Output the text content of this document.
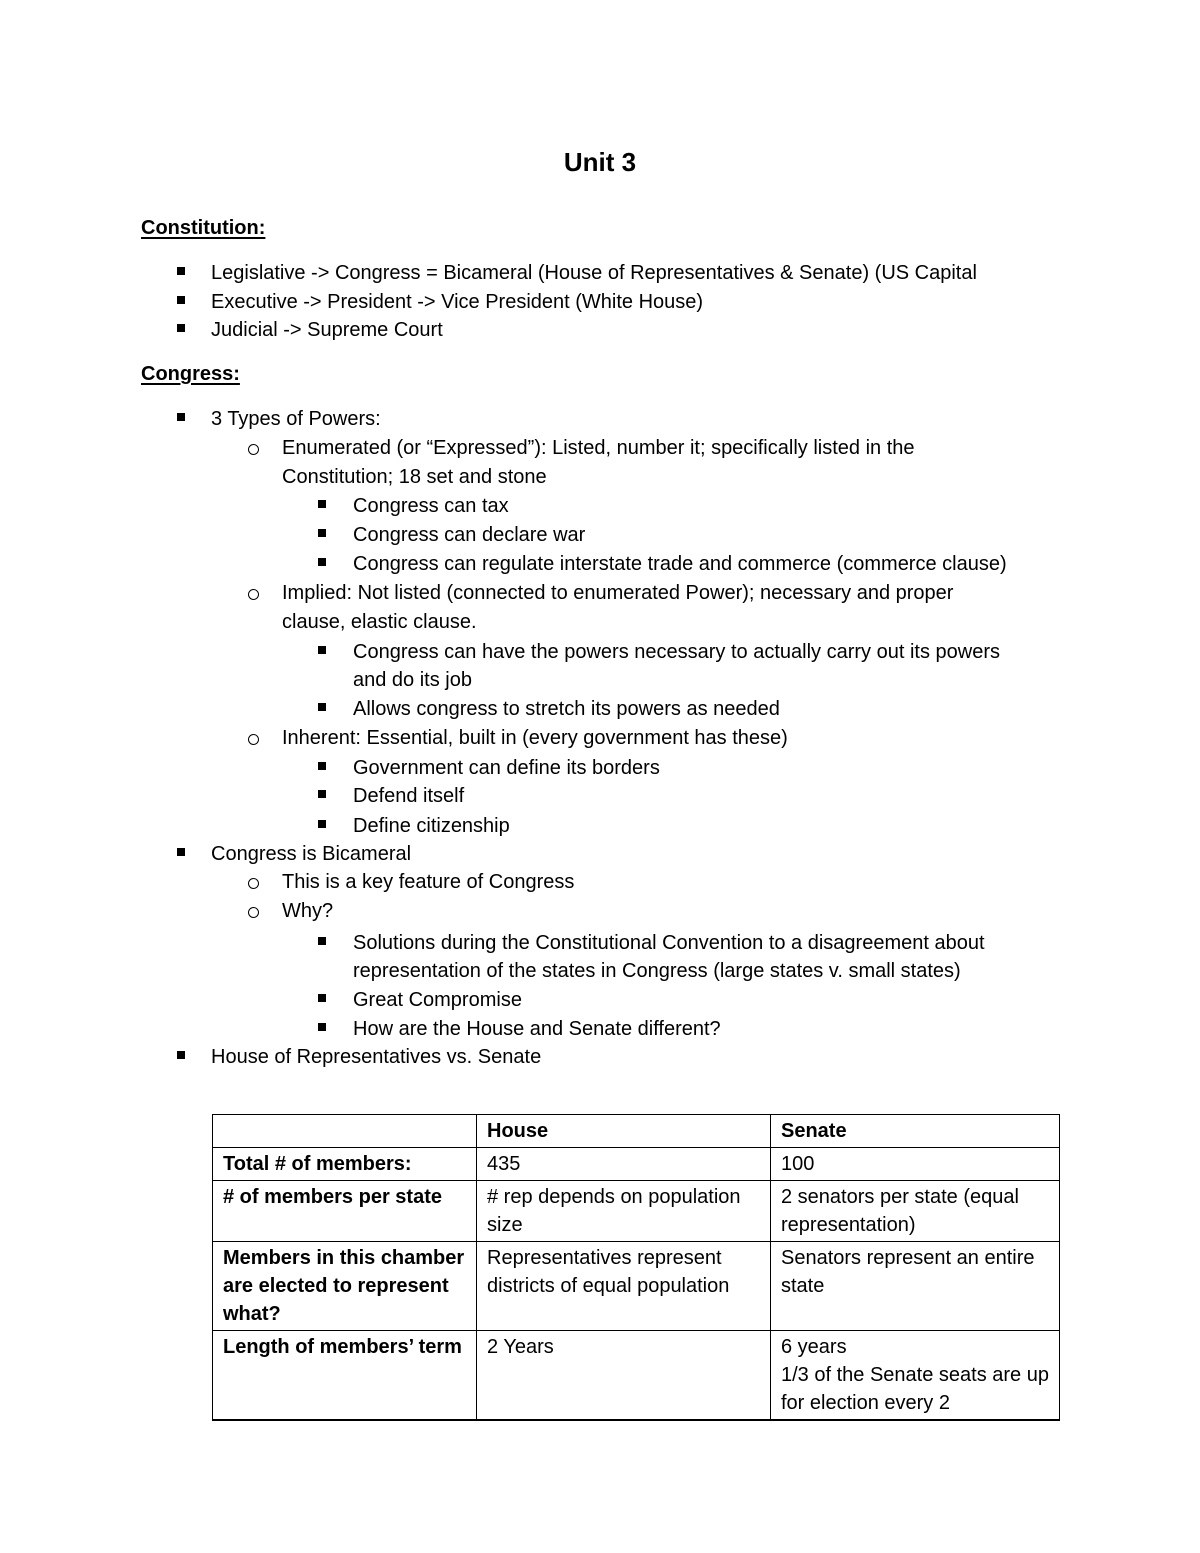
Unit 3
Constitution:
Legislative -> Congress = Bicameral (House of Representatives & Senate) (US Capital
Executive -> President -> Vice President (White House)
Judicial -> Supreme Court
Congress:
3 Types of Powers:
Enumerated (or “Expressed”): Listed, number it; specifically listed in the
Constitution; 18 set and stone
Congress can tax
Congress can declare war
Congress can regulate interstate trade and commerce (commerce clause)
Implied: Not listed (connected to enumerated Power); necessary and proper
clause, elastic clause.
Congress can have the powers necessary to actually carry out its powers
and do its job
Allows congress to stretch its powers as needed
Inherent: Essential, built in (every government has these)
Government can define its borders
Defend itself
Define citizenship
Congress is Bicameral
This is a key feature of Congress
Why?
Solutions during the Constitutional Convention to a disagreement about
representation of the states in Congress (large states v. small states)
Great Compromise
How are the House and Senate different?
House of Representatives vs. Senate
	House	Senate
Total # of members:	435	100
# of members per state	# rep depends on population size	2 senators per state (equal representation)
Members in this chamber are elected to represent what?	Representatives represent districts of equal population	Senators represent an entire state
Length of members’ term	2 Years	6 years
1/3 of the Senate seats are up for election every 2
